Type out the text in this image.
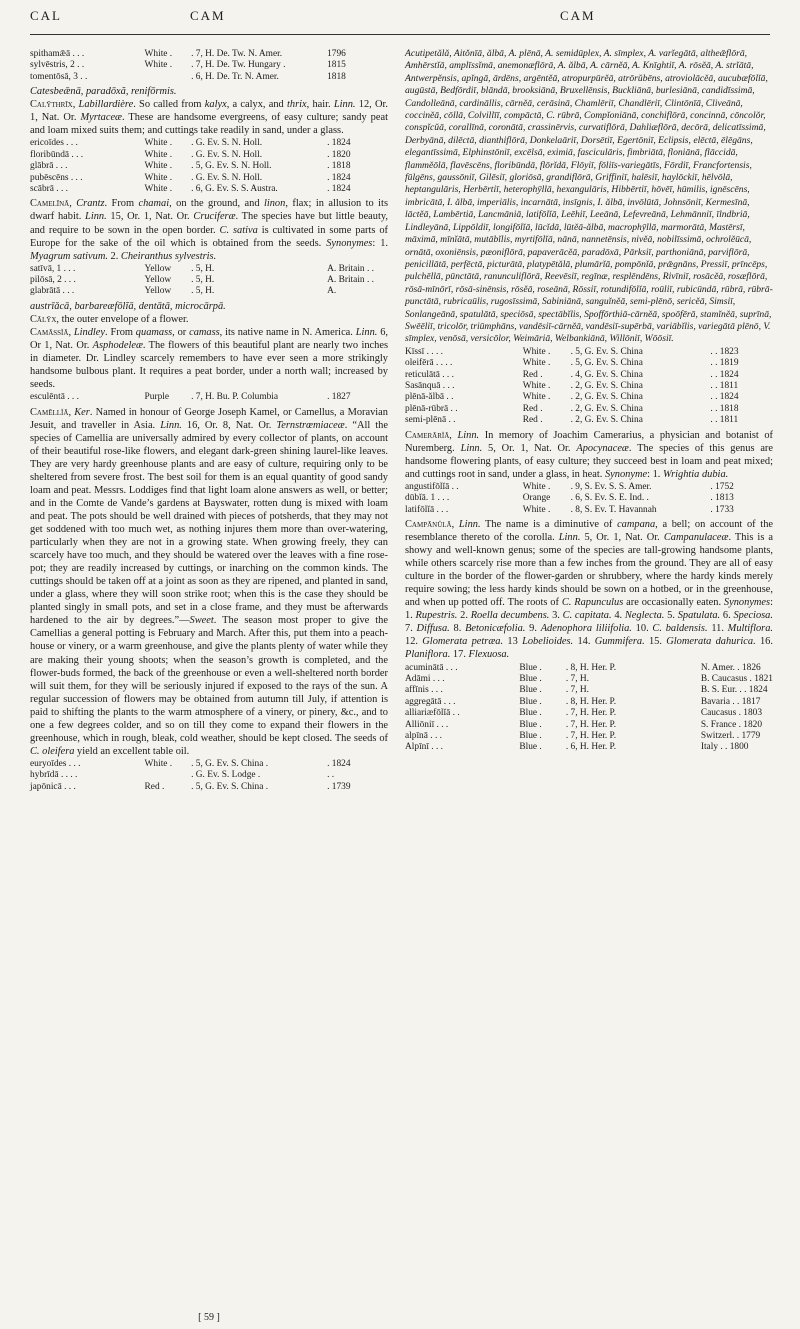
CAL	CAM	CAM
spithamǣā . . .	White .	. 7, H. De. Tw. N. Amer.	1796
sylvēstris, 2 . .	White .	. 7, H. De. Tw. Hungary .	1815
tomentōsā, 3 . .		. 6, H. De. Tr. N. Amer.	1818

Catesbeǣnā, paradōxă, renifōrmis.

Calȳthrīx, Labillardière. So called from kalyx, a calyx, and thrix, hair. Linn. 12, Or. 1, Nat. Or. Myrtaceæ. These are handsome evergreens, of easy culture; sandy peat and loam mixed suits them; and cuttings take readily in sand, under a glass.

ericoīdes . . .	White .	. G. Ev. S. N. Holl.	. 1824
floribūndā . . .	White .	. G. Ev. S. N. Holl.	. 1820
glābrā . . .	White .	. 5, G. Ev. S. N. Holl.	. 1818
pubēscēns . . .	White .	. G. Ev. S. N. Holl.	. 1824
scābrā . . .	White .	. 6, G. Ev. S. S. Austra.	. 1824

Camelīnā, Crantz. From chamai, on the ground, and linon, flax; in allusion to its dwarf habit. Linn. 15, Or. 1, Nat. Or. Cruciferæ. The species have but little beauty, and require to be sown in the open border. C. sativa is cultivated in some parts of Europe for the sake of the oil which is obtained from the seeds. Synonymes: 1. Myagrum sativum. 2. Cheiranthus sylvestris.

satīvā, 1 . . .	Yellow	. 5, H.	A. Britain . .
pilōsā, 2 . . .	Yellow	. 5, H.	A. Britain . .
glabrātā . . .	Yellow	. 5, H.	A.

austrīǎcā, barbareæfōlĭā, dentātā, microcārpā.

Cālȳx, the outer envelope of a flower.

Camāssĭā, Lindley. From quamass, or camass, its native name in N. America. Linn. 6, Or 1, Nat. Or. Asphodeleæ. The flowers of this beautiful plant are nearly two inches in diameter. Dr. Lindley scarcely remembers to have ever seen a more strikingly handsome bulbous plant. It requires a peat border, under a north wall; increased by seeds.

esculēntā . . .	Purple	. 7, H. Bu. P. Columbia	. 1827

Camēllĭā, Ker. Named in honour of George Joseph Kamel, or Camellus, a Moravian Jesuit, and traveller in Asia. Linn. 16, Or. 8, Nat. Or. Ternstrœmiaceæ. “All the species of Camellia are universally admired by every collector of plants, on account of their beautiful rose-like flowers, and elegant dark-green shining laurel-like leaves. They are very hardy greenhouse plants and are easy of culture, requiring only to be sheltered from severe frost. The best soil for them is an equal quantity of good sandy loam and peat. Messrs. Loddiges find that light loam alone answers as well, or better; and in the Comte de Vande’s gardens at Bayswater, rotten dung is mixed with loam and peat. The pots should be well drained with pieces of potsherds, that they may not get soddened with too much wet, as nothing injures them more than over-watering, particularly when they are not in a growing state. When growing freely, they can scarcely have too much, and they should be watered over the leaves with a fine rose-pot; they are readily increased by cuttings, or inarching on the common kinds. The cuttings should be taken off at a joint as soon as they are ripened, and planted in sand, under a glass, where they will soon strike root; when this is the case they should be planted singly in small pots, and set in a close frame, and they must be afterwards hardened to the air by degrees.”—Sweet. The season most proper to give the Camellias a general potting is February and March. After this, put them into a peach-house or vinery, or a warm greenhouse, and give the plants plenty of water while they are making their young shoots; when the season’s growth is completed, and the flower-buds formed, the back of the greenhouse or even a well-sheltered north border will suit them, for they will be seriously injured if exposed to the rays of the sun. A regular succession of flowers may be obtained from autumn till July, if attention is paid to shifting the plants to the warm atmosphere of a vinery, or pinery, &c., and to one a few degrees colder, and so on till they come to expand their flowers in the greenhouse, which in rough, bleak, cold weather, should be kept closed. The seeds of C. oleifera yield an excellent table oil.

euryoīdes . . .	White .	. 5, G. Ev. S. China .	. 1824
hybrīdā . . . .		. G. Ev. S. Lodge .	. .
japōnicā . . .	Red .	. 5, G. Ev. S. China .	. 1739

Acutipetălă, Aitǒnīā, ălbā, A. plēnā, A. semidūplex, A. sīmplex, A. varĭegātā, altheǣflōrā, Amhērstĭā, amplīssĭmā, anemonæflōrā, A. ălbā, A. cārnĕā, A. Knīghtiī, A. rōsĕā, A. strĭātā, Antwerpĕnsis, apĭngā, ārdēns, argēntĕā, atropurpūrĕā, atrōrŭbēns, atroviolācĕā, aucubæfōlĭā, augūstā, Bedfōrdiī, blāndā, brooksiānā, Bruxellēnsis, Buckliānā, burlesiānā, candidīssimā, Candolleānā, cardināllis, cārnĕā, cerāsinā, Chamlēriī, Chandlēriī, Clintōnīā, Cliveānā, coccinĕā, cōllā, Colvillīī, compāctā, C. rūbrā, Compĭoniānā, conchiflōrā, concinnā, cōncolŏr, conspĭcŭā, corallīnā, coronātā, crassinērvis, curvatiflōrā, Dahliæflōrā, decōrā, delicatīssimā, Derbyānā, dilēctā, dianthiflōrā, Donkelaāriī, Dorsētiī, Egertōniī, Eclipsis, elēctā, ēlēgāns, elegantīssimā, Elphinstōniī, excēlsā, eximiā, fasciculāris, fimbriātā, floniānā, flāccidā, flammĕōlā, flavēscēns, floribūndā, flōrĭdā, Flōyiī, fōliīs-variegātīs, Fōrdiī, Francfortensis, fūlgēns, gaussōniī, Gilēsiī, gloriōsā, grandiflōrā, Griffiniī, halēsiī, haylōckiī, hēlvōlā, heptangulāris, Herbērtiī, heterophȳllā, hexangulāris, Hibbērtiī, hōvēī, hūmilis, ignēscēns, imbricātā, I. ălbā, imperiālis, incarnātā, insīgnis, I. ălbā, invōlūtā, Johnsōniī, Kermesīnā, lāctĕā, Lambērtiā, Lancmāniā, latifōlĭā, Leēhiī, Leeānā, Lefevreānā, Lehmānniī, īlndbriā, Lindleyānā, Lippōldiī, longifōlĭā, lūcĭdā, lūtĕā-ălbā, macrophȳllā, marmorātā, Mastērsī, māximā, mīnĭātā, mutābĭlis, myrtifōlĭā, nānā, nannetēnsis, nivĕā, nobilīssimā, ochrolĕūcā, ornātā, oxoniēnsis, pæoniflōrā, papaverācĕā, paradōxā, Pārksiī, parthoniānā, parviflōrā, penicillātā, perfēctā, picturātā, platypētălā, plumārĭā, pompōnĭā, prǣgnāns, Pressiī, prīncēps, pulchēllā, pūnctātā, ranunculiflōrā, Reevēsiī, regīnæ, resplēndēns, Rivīniī, rosācĕā, rosæflōrā, rōsā-mīnōrī, rōsā-sinēnsis, rōsĕā, roseānā, Rōssiī, rotundifōlĭā, roūliī, rubicūndā, rūbrā, rūbrā-punctātā, rubricaūlis, rugosīssimā, Sabiniānā, sanguĭnĕā, semi-plēnō, sericĕā, Simsiī, Sonlangeānā, spatulātā, speciōsā, spectābĭlis, Spoffōrthiā-cārnĕā, spoōfērā, stamĭnĕā, suprīnā, Swēēliī, tricolōr, triūmphāns, vandēsiī-cārnĕā, vandēsiī-supērbā, variābĭlis, variegātā plēnō, V. sīmplex, venōsā, versicōlor, Weimāriā, Welbankiānā, Willōniī, Wōōsiī.

Kīssī . . . .	White .	. 5, G. Ev. S. China	. . 1823
oleifērā . . . .	White .	. 5, G. Ev. S. China	. . 1819
reticulātā . . .	Red .	. 4, G. Ev. S. China	. . 1824
Sasānquā . . .	White .	. 2, G. Ev. S. China	. . 1811
plēnā-ălbā . .	White .	. 2, G. Ev. S. China	. . 1824
plēnā-rūbrā . .	Red .	. 2, G. Ev. S. China	. . 1818
semi-plēnā . .	Red .	. 2, G. Ev. S. China	. . 1811

Camerārĭā, Linn. In memory of Joachim Camerarius, a physician and botanist of Nuremberg. Linn. 5, Or. 1, Nat. Or. Apocynaceæ. The species of this genus are handsome flowering plants, of easy culture; they succeed best in loam and peat mixed; and cuttings root in sand, under a glass, in heat. Synonyme: 1. Wrightia dubia.

angustifōlĭā . .	White .	. 9, S. Ev. S. S. Amer.	. 1752
dūbĭā. 1 . . .	Orange	. 6, S. Ev. S. E. Ind. .	. 1813
latifōlĭā . . .	White .	. 8, S. Ev. T. Havannah	. 1733

Campānŭlā, Linn. The name is a diminutive of campana, a bell; on account of the resemblance thereto of the corolla. Linn. 5, Or. 1, Nat. Or. Campanulaceæ. This is a showy and well-known genus; some of the species are tall-growing handsome plants, while others scarcely rise more than a few inches from the ground. They are all of easy culture in the border of the flower-garden or shrubbery, where the hardy kinds merely require sowing; the less hardy kinds should be sown on a hotbed, or in the greenhouse, and when up potted off. The roots of C. Rapunculus are occasionally eaten. Synonymes: 1. Rupestris. 2. Roella decumbens. 3. C. capitata. 4. Neglecta. 5. Spatulata. 6. Speciosa. 7. Diffusa. 8. Betonicæfolia. 9. Adenophora liliifolia. 10. C. baldensis. 11. Multiflora. 12. Glomerata petræa. 13 Lobelioides. 14. Gummifera. 15. Glomerata dahurica. 16. Planiflora. 17. Flexuosa.

acuminātā . . .	Blue .	. 8, H. Her. P.	N. Amer. . 1826
Adāmi . . .	Blue .	. 7, H.	B. Caucasus . 1821
affīnis . . .	Blue .	. 7, H.	B. S. Eur. . . 1824
aggregātā . . .	Blue .	. 8, H. Her. P.	Bavaria . . 1817
alliariæfōlĭā . .	Blue .	. 7, H. Her. P.	Caucasus . 1803
Alliōniī . . .	Blue .	. 7, H. Her. P.	S. France . 1820
alpīnā . . .	Blue .	. 7, H. Her. P.	Switzerl. . 1779
Alpīnī . . .	Blue .	. 6, H. Her. P.	Italy . . 1800
[ 59 ]
